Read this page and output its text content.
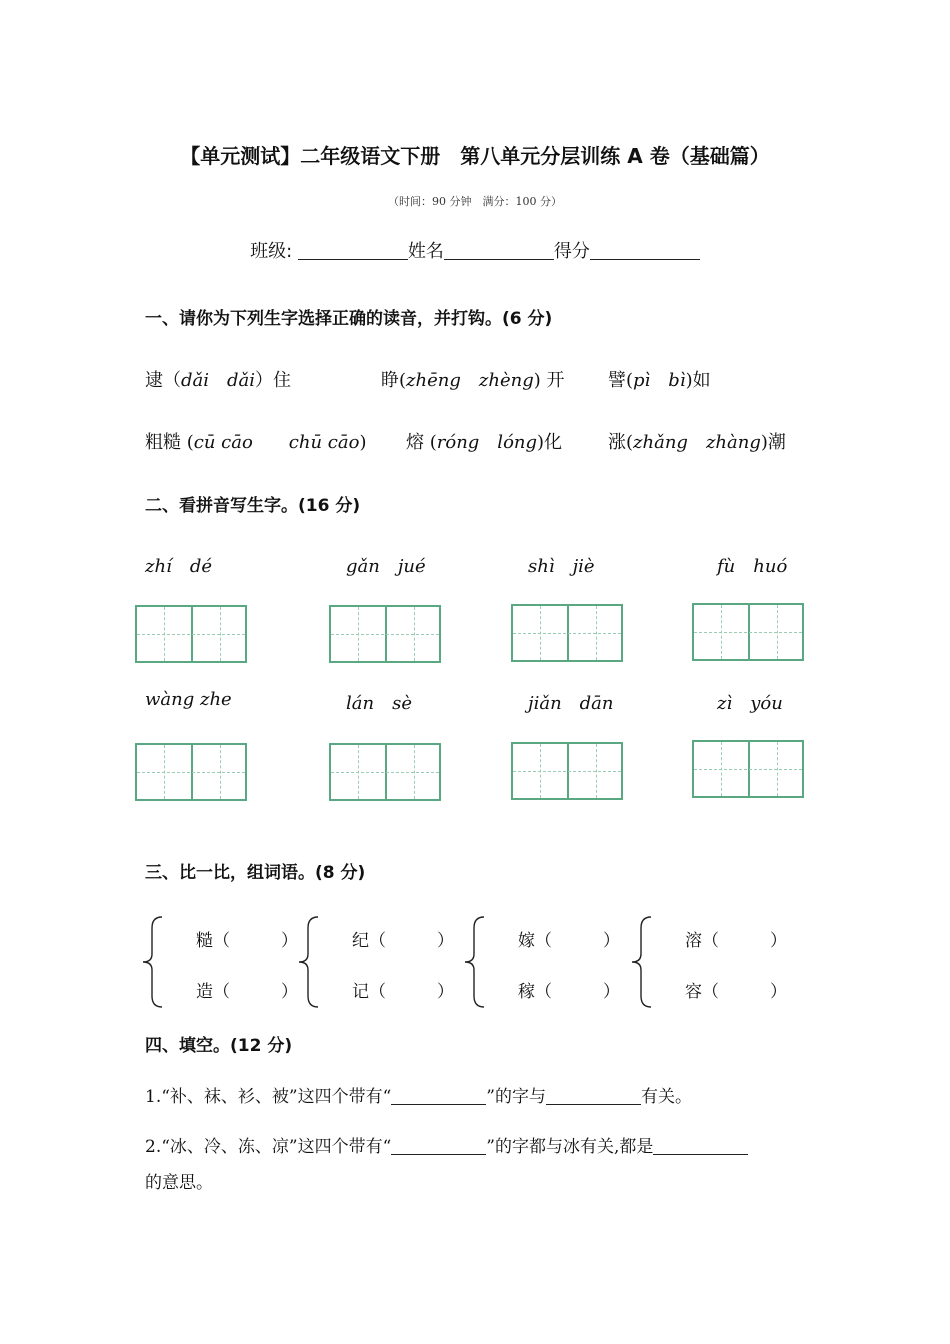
【单元测试】二年级语文下册　第八单元分层训练 A 卷（基础篇）
（时间：90 分钟　满分：100 分）
班级:	姓名	得分
一、请你为下列生字选择正确的读音，并打钩。(6 分)
逮（dǎi　dǎi）住	睁(zhēng　zhèng) 开 譬(pì　bì)如
粗糙 (cū cāo　　chū cāo) 熔 (róng　lóng)化	涨(zhǎng　zhàng)潮
二、看拼音写生字。(16 分)
zhí　dé	gǎn　jué	shì　jiè	fù　huó
wàng zhe	lán　sè	jiǎn　dān	zì　yóu
三、比一比，组词语。(8 分)
糙（　　　）
造（　　　）
纪（　　　）
记（　　　）
嫁（　　　）
稼（　　　）
溶（　　　）
容（　　　）
四、填空。(12 分)
1.“补、袜、衫、被”这四个带有“	”的字与	有关。
2.“冰、冷、冻、凉”这四个带有“	”的字都与冰有关,都是
的意思。
